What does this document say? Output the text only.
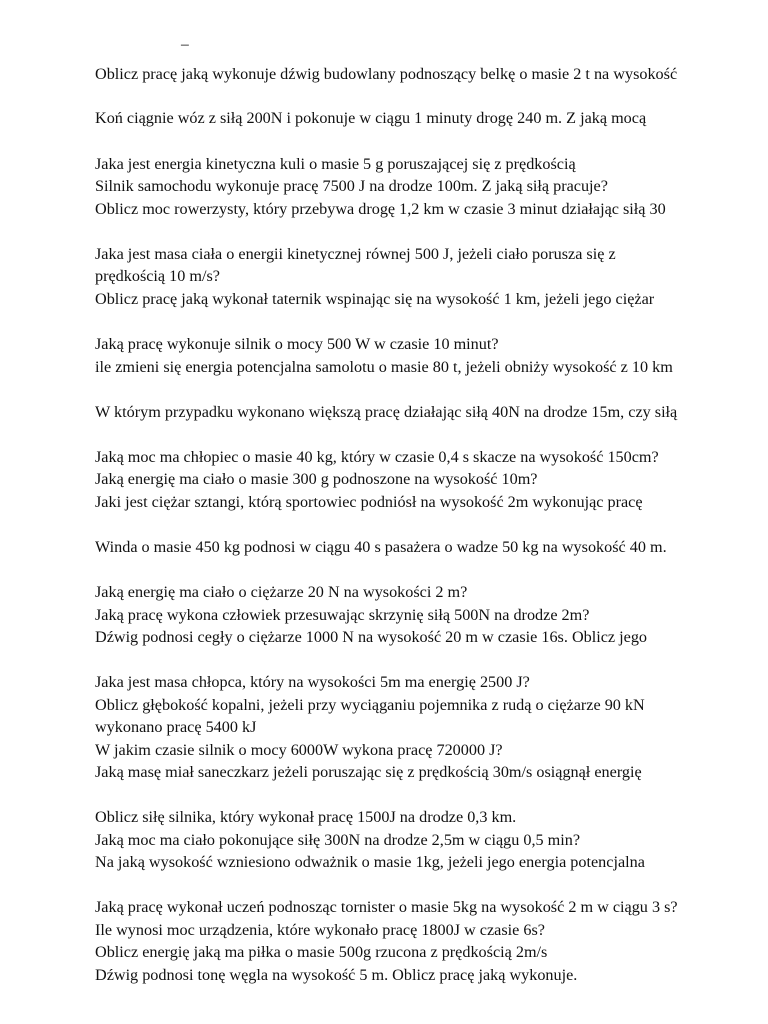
–
Oblicz pracę jaką wykonuje dźwig budowlany podnoszący belkę o masie 2 t na wysokość
Koń ciągnie wóz z siłą 200N i pokonuje w ciągu 1 minuty drogę 240 m. Z jaką mocą
Jaka jest energia kinetyczna kuli o masie 5 g poruszającej się z prędkością
Silnik samochodu wykonuje pracę 7500 J na drodze 100m. Z jaką siłą pracuje?
Oblicz moc rowerzysty, który przebywa drogę 1,2 km w czasie 3 minut działając siłą 30
Jaka jest masa ciała o energii kinetycznej równej 500 J, jeżeli ciało porusza się z
prędkością 10 m/s?
Oblicz pracę jaką wykonał taternik wspinając się na wysokość 1 km, jeżeli jego ciężar
Jaką pracę wykonuje silnik o mocy 500 W w czasie 10 minut?
ile zmieni się energia potencjalna samolotu o masie 80 t, jeżeli obniży wysokość z 10 km
W którym przypadku wykonano większą pracę działając siłą 40N na drodze 15m, czy siłą
Jaką moc ma chłopiec o masie 40 kg, który w czasie 0,4 s skacze na wysokość 150cm?
Jaką energię ma ciało o masie 300 g podnoszone na wysokość 10m?
Jaki jest ciężar sztangi, którą sportowiec podniósł na wysokość 2m wykonując pracę
Winda o masie 450 kg podnosi w ciągu 40 s pasażera o wadze 50 kg na wysokość 40 m.
Jaką energię ma ciało o ciężarze 20 N na wysokości 2 m?
Jaką pracę wykona człowiek przesuwając skrzynię siłą 500N na drodze 2m?
Dźwig podnosi cegły o ciężarze 1000 N na wysokość 20 m w czasie 16s. Oblicz jego
Jaka jest masa chłopca, który na wysokości 5m ma energię 2500 J?
Oblicz głębokość kopalni, jeżeli przy wyciąganiu pojemnika z rudą o ciężarze 90 kN
wykonano pracę 5400 kJ
W jakim czasie silnik o mocy 6000W wykona pracę 720000 J?
Jaką masę miał saneczkarz jeżeli poruszając się z prędkością 30m/s osiągnął energię
Oblicz siłę silnika, który wykonał pracę 1500J na drodze 0,3 km.
Jaką moc ma ciało pokonujące siłę 300N na drodze 2,5m w ciągu 0,5 min?
Na jaką wysokość wzniesiono odważnik o masie 1kg, jeżeli jego energia potencjalna
Jaką pracę wykonał uczeń podnosząc tornister o masie 5kg na wysokość 2 m w ciągu 3 s?
Ile wynosi moc urządzenia, które wykonało pracę 1800J w czasie 6s?
Oblicz energię jaką ma piłka o masie 500g rzucona z prędkością 2m/s
Dźwig podnosi tonę węgla na wysokość 5 m. Oblicz pracę jaką wykonuje.
